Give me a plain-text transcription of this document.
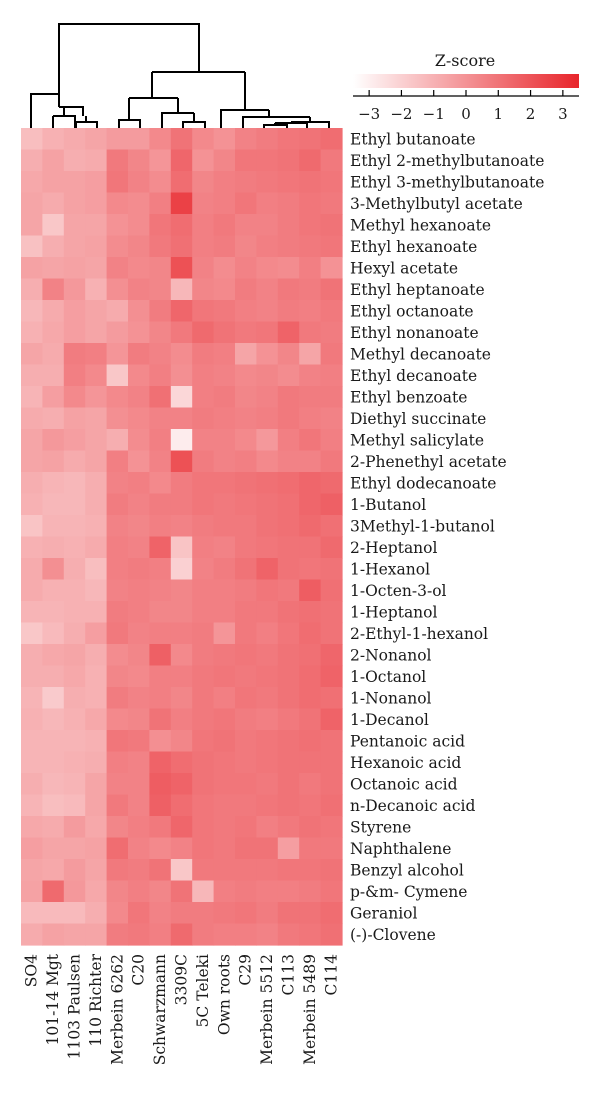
Ethyl butanoate
Ethyl 2-methylbutanoate
Ethyl 3-methylbutanoate
3-Methylbutyl acetate
Methyl hexanoate
Ethyl hexanoate
Hexyl acetate
Ethyl heptanoate
Ethyl octanoate
Ethyl nonanoate
Methyl decanoate
Ethyl decanoate
Ethyl benzoate
Diethyl succinate
Methyl salicylate
2-Phenethyl acetate
Ethyl dodecanoate
1-Butanol
3Methyl-1-butanol
2-Heptanol
1-Hexanol
1-Octen-3-ol
1-Heptanol
2-Ethyl-1-hexanol
2-Nonanol
1-Octanol
1-Nonanol
1-Decanol
Pentanoic acid
Hexanoic acid
Octanoic acid
n-Decanoic acid
Styrene
Naphthalene
Benzyl alcohol
p-&m- Cymene
Geraniol
(-)-Clovene
SO4 101-14 Mgt 1103 Paulsen 110 Richter Merbein 6262 C20 Schwarzmann 3309C 5C Teleki Own roots C29 Merbein 5512 C113 Merbein 5489 C114
Z-score
−3 −2 −1 0 1 2 3
